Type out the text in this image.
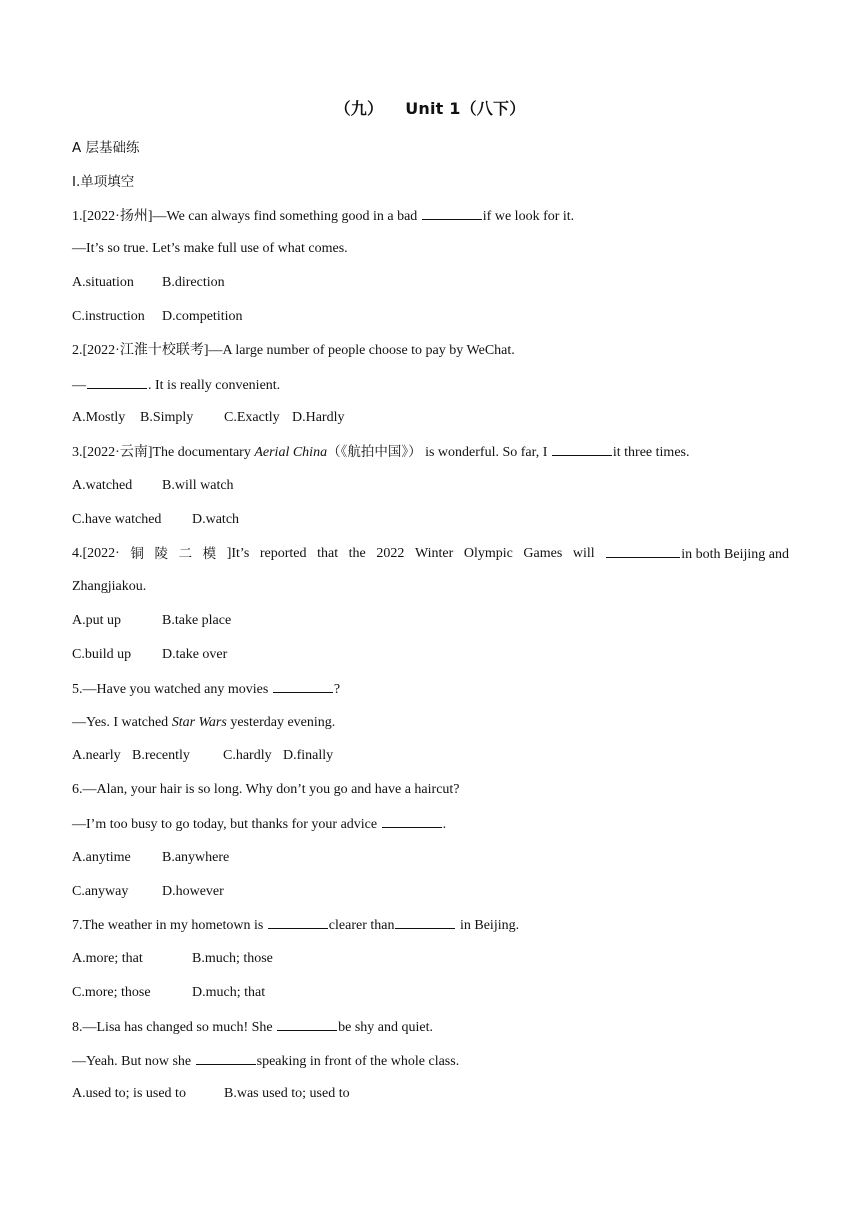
（九） Unit 1（八下）
A 层基础练
I.单项填空
1.[2022·扬州]—We can always find something good in a bad	if we look for it.
—It’s so true. Let’s make full use of what comes.
A.situation B.direction
C.instruction D.competition
2.[2022·江淮十校联考]—A large number of people choose to pay by WeChat.
—	. It is really convenient.
A.Mostly B.Simply C.Exactly D.Hardly
3.[2022·云南]The documentary Aerial China（《航拍中国》） is wonderful. So far, I	it three times.
A.watched B.will watch
C.have watched D.watch
4.[2022· 铜 陵 二 模 ]It’s reported that the 2022 Winter Olympic Games will	in both Beijing and
Zhangjiakou.
A.put up	B.take place
C.build up D.take over
5.—Have you watched any movies	?
—Yes. I watched Star Wars yesterday evening.
A.nearly B.recently C.hardly D.finally
6.—Alan, your hair is so long. Why don’t you go and have a haircut?
—I’m too busy to go today, but thanks for your advice	.
A.anytime B.anywhere
C.anyway D.however
7.The weather in my hometown is	clearer than	in Beijing.
A.more; that	B.much; those
C.more; those	D.much; that
8.—Lisa has changed so much! She	be shy and quiet.
—Yeah. But now she	speaking in front of the whole class.
A.used to; is used to	B.was used to; used to
